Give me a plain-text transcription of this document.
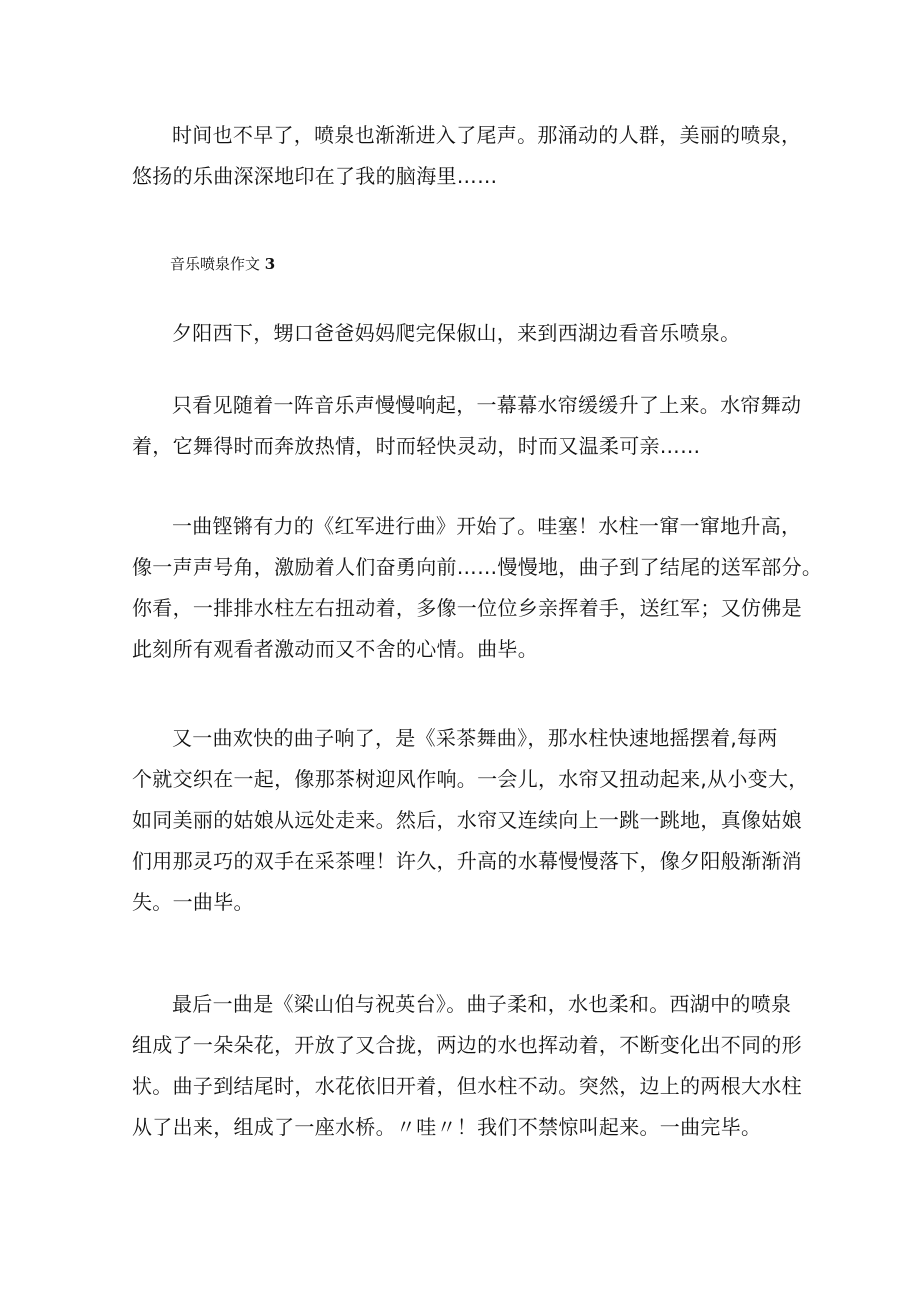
时间也不早了，喷泉也渐渐进入了尾声。那涌动的人群，美丽的喷泉，
悠扬的乐曲深深地印在了我的脑海里……

音乐喷泉作文 3

夕阳西下，甥口爸爸妈妈爬完保俶山，来到西湖边看音乐喷泉。

只看见随着一阵音乐声慢慢响起，一幕幕水帘缓缓升了上来。水帘舞动
着，它舞得时而奔放热情，时而轻快灵动，时而又温柔可亲……

一曲铿锵有力的《红军进行曲》开始了。哇塞！水柱一窜一窜地升高，
像一声声号角，激励着人们奋勇向前……慢慢地，曲子到了结尾的送军部分。
你看，一排排水柱左右扭动着，多像一位位乡亲挥着手，送红军；又仿佛是
此刻所有观看者激动而又不舍的心情。曲毕。

又一曲欢快的曲子响了，是《采茶舞曲》，那水柱快速地摇摆着,每两
个就交织在一起，像那茶树迎风作响。一会儿，水帘又扭动起来,从小变大，
如同美丽的姑娘从远处走来。然后，水帘又连续向上一跳一跳地，真像姑娘
们用那灵巧的双手在采茶哩！许久，升高的水幕慢慢落下，像夕阳般渐渐消
失。一曲毕。

最后一曲是《梁山伯与祝英台》。曲子柔和，水也柔和。西湖中的喷泉
组成了一朵朵花，开放了又合拢，两边的水也挥动着，不断变化出不同的形
状。曲子到结尾时，水花依旧开着，但水柱不动。突然，边上的两根大水柱
从了出来，组成了一座水桥。〃哇〃！我们不禁惊叫起来。一曲完毕。
